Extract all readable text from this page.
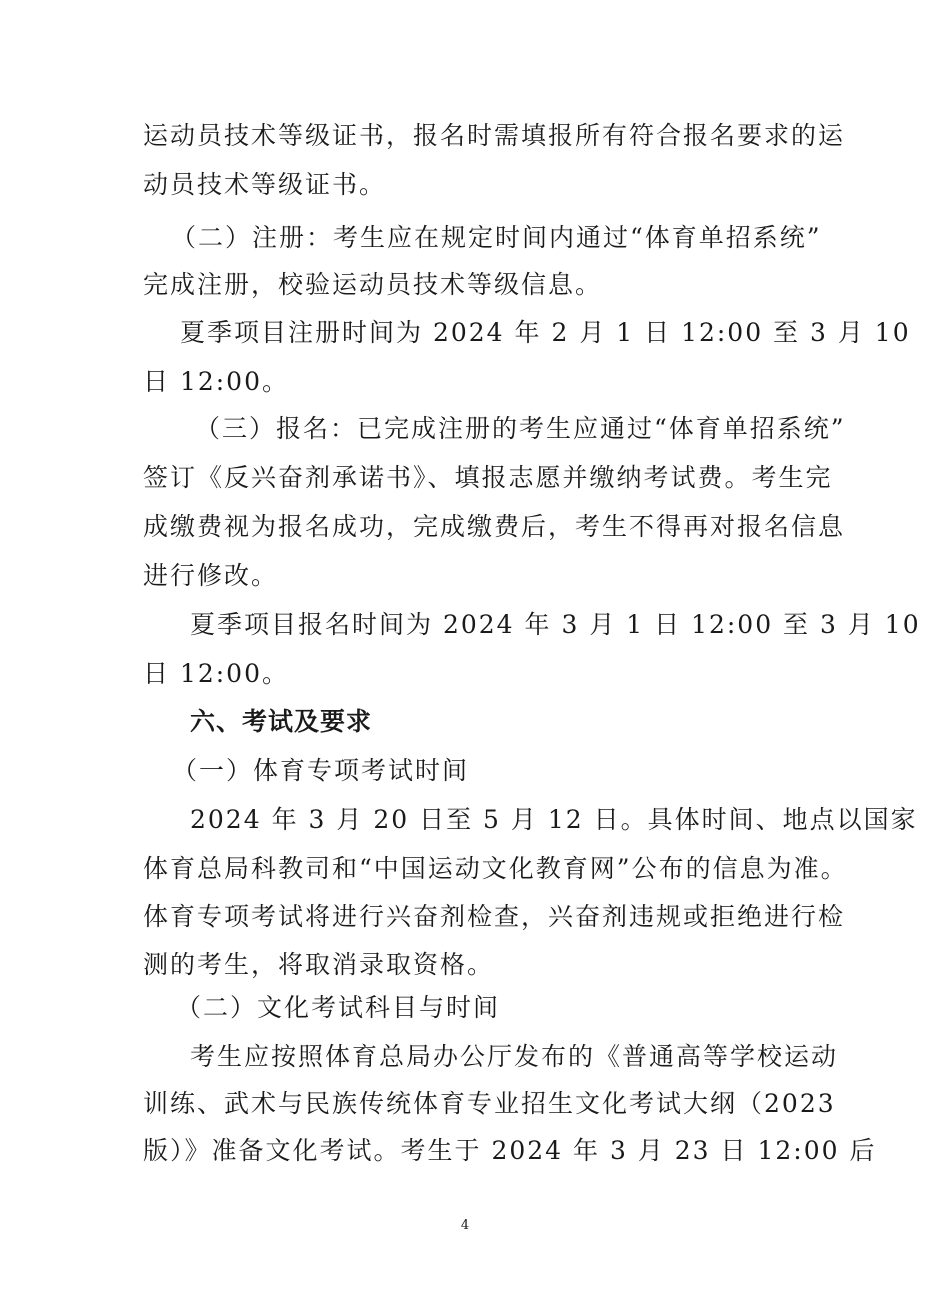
运动员技术等级证书，报名时需填报所有符合报名要求的运
动员技术等级证书。
（二）注册：考生应在规定时间内通过“体育单招系统”
完成注册，校验运动员技术等级信息。
夏季项目注册时间为 2024 年 2 月 1 日 12:00 至 3 月 10
日 12:00。
（三）报名：已完成注册的考生应通过“体育单招系统”
签订《反兴奋剂承诺书》、填报志愿并缴纳考试费。考生完
成缴费视为报名成功，完成缴费后，考生不得再对报名信息
进行修改。
夏季项目报名时间为 2024 年 3 月 1 日 12:00 至 3 月 10
日 12:00。
六、考试及要求
（一）体育专项考试时间
2024 年 3 月 20 日至 5 月 12 日。具体时间、地点以国家
体育总局科教司和“中国运动文化教育网”公布的信息为准。
体育专项考试将进行兴奋剂检查，兴奋剂违规或拒绝进行检
测的考生，将取消录取资格。
（二）文化考试科目与时间
考生应按照体育总局办公厅发布的《普通高等学校运动
训练、武术与民族传统体育专业招生文化考试大纲（2023
版）》准备文化考试。考生于 2024 年 3 月 23 日 12:00 后
4
